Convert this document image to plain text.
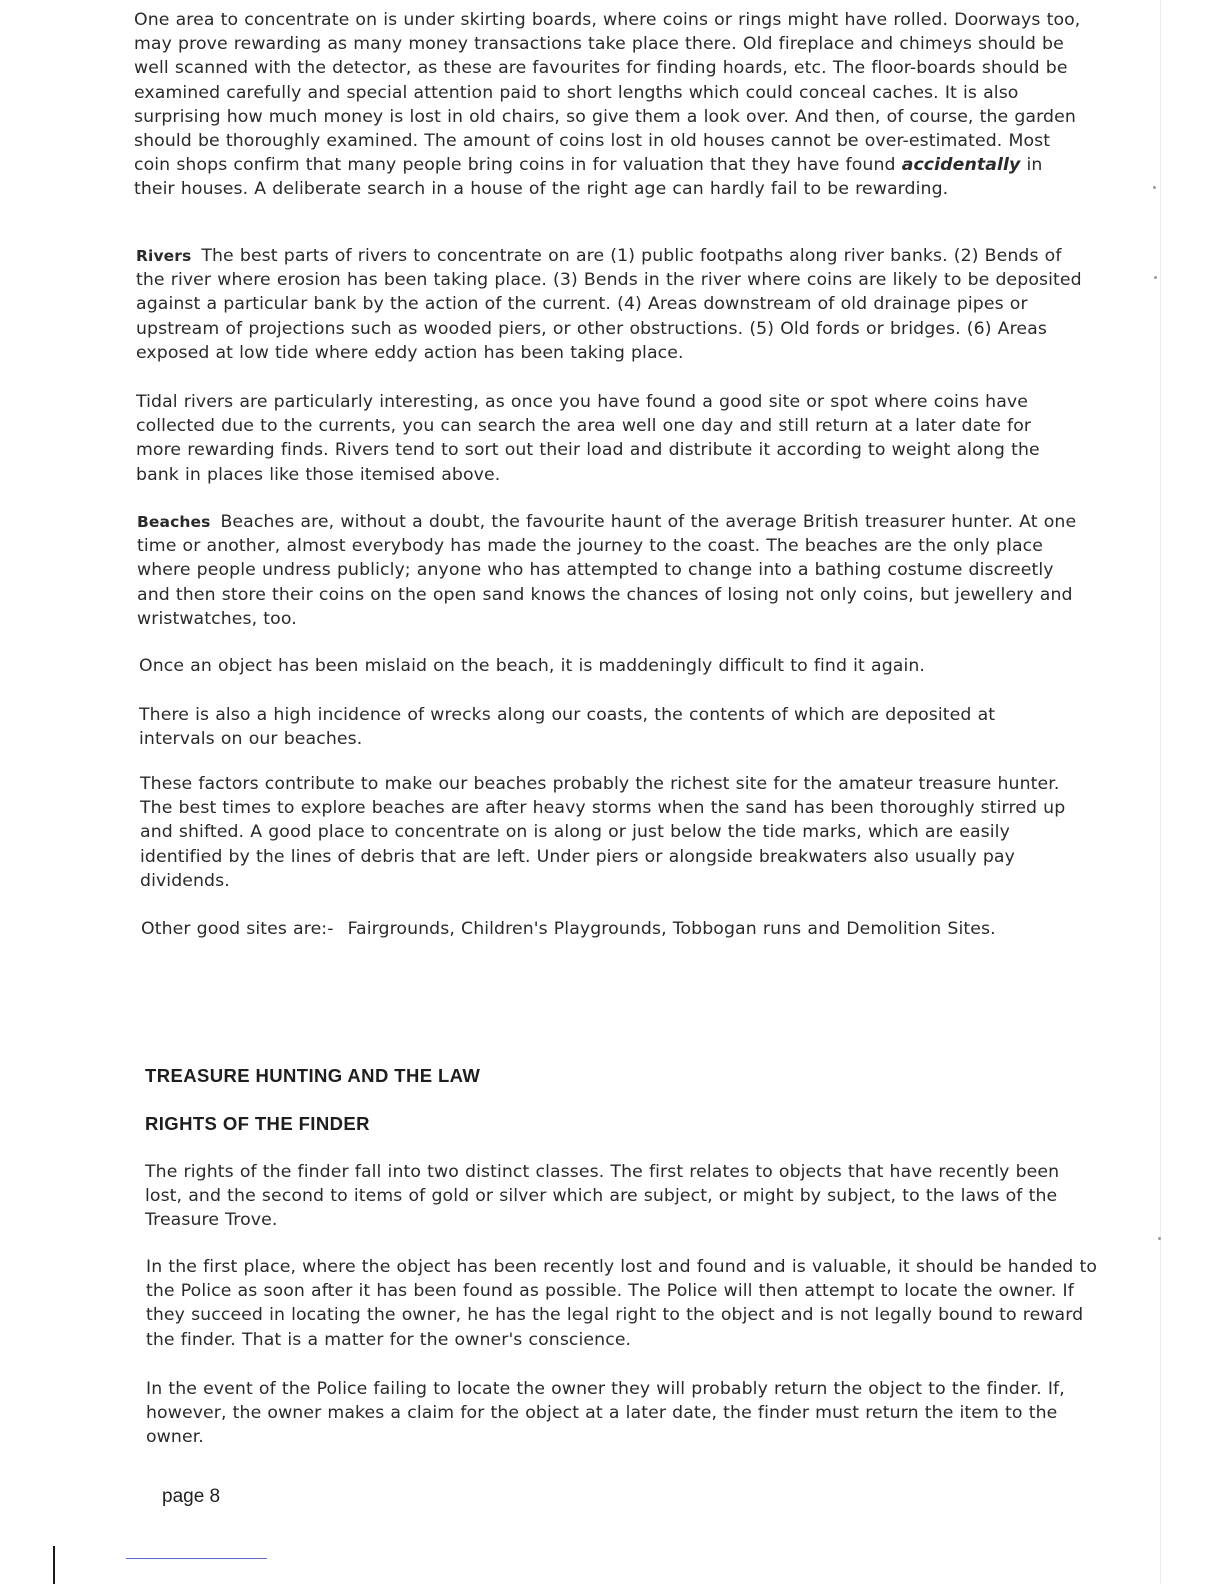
One area to concentrate on is under skirting boards, where coins or rings might have rolled. Doorways too, may prove rewarding as many money transactions take place there. Old fireplace and chimeys should be well scanned with the detector, as these are favourites for finding hoards, etc. The floor-boards should be examined carefully and special attention paid to short lengths which could conceal caches. It is also surprising how much money is lost in old chairs, so give them a look over. And then, of course, the garden should be thoroughly examined. The amount of coins lost in old houses cannot be over-estimated. Most coin shops confirm that many people bring coins in for valuation that they have found accidentally in their houses. A deliberate search in a house of the right age can hardly fail to be rewarding.

Rivers The best parts of rivers to concentrate on are (1) public footpaths along river banks. (2) Bends of the river where erosion has been taking place. (3) Bends in the river where coins are likely to be deposited against a particular bank by the action of the current. (4) Areas downstream of old drainage pipes or upstream of projections such as wooded piers, or other obstructions. (5) Old fords or bridges. (6) Areas exposed at low tide where eddy action has been taking place.

Tidal rivers are particularly interesting, as once you have found a good site or spot where coins have collected due to the currents, you can search the area well one day and still return at a later date for more rewarding finds. Rivers tend to sort out their load and distribute it according to weight along the bank in places like those itemised above.

Beaches Beaches are, without a doubt, the favourite haunt of the average British treasurer hunter. At one time or another, almost everybody has made the journey to the coast. The beaches are the only place where people undress publicly; anyone who has attempted to change into a bathing costume discreetly and then store their coins on the open sand knows the chances of losing not only coins, but jewellery and wristwatches, too.

Once an object has been mislaid on the beach, it is maddeningly difficult to find it again.

There is also a high incidence of wrecks along our coasts, the contents of which are deposited at intervals on our beaches.

These factors contribute to make our beaches probably the richest site for the amateur treasure hunter. The best times to explore beaches are after heavy storms when the sand has been thoroughly stirred up and shifted. A good place to concentrate on is along or just below the tide marks, which are easily identified by the lines of debris that are left. Under piers or alongside breakwaters also usually pay dividends.

Other good sites are:- Fairgrounds, Children's Playgrounds, Tobbogan runs and Demolition Sites.

TREASURE HUNTING AND THE LAW
RIGHTS OF THE FINDER

The rights of the finder fall into two distinct classes. The first relates to objects that have recently been lost, and the second to items of gold or silver which are subject, or might by subject, to the laws of the Treasure Trove.

In the first place, where the object has been recently lost and found and is valuable, it should be handed to the Police as soon after it has been found as possible. The Police will then attempt to locate the owner. If they succeed in locating the owner, he has the legal right to the object and is not legally bound to reward the finder. That is a matter for the owner's conscience.

In the event of the Police failing to locate the owner they will probably return the object to the finder. If, however, the owner makes a claim for the object at a later date, the finder must return the item to the owner.

page 8
